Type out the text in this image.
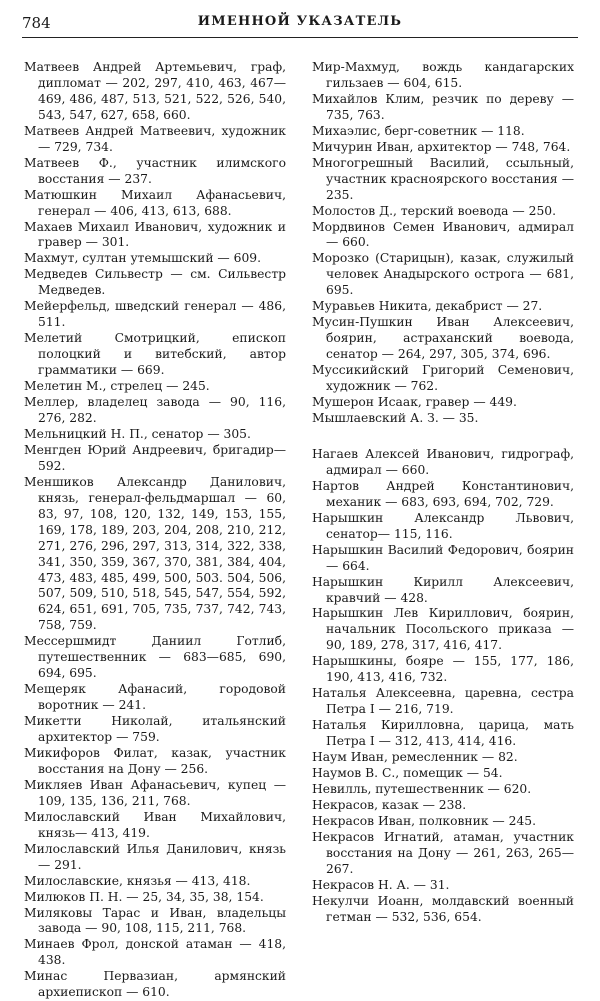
784	ИМЕННОЙ УКАЗАТЕЛЬ
Матвеев Андрей Артемьевич, граф, дипломат — 202, 297, 410, 463, 467—469, 486, 487, 513, 521, 522, 526, 540, 543, 547, 627, 658, 660.
Матвеев Андрей Матвеевич, художник — 729, 734.
Матвеев Ф., участник илимского восстания — 237.
Матюшкин Михаил Афанасьевич, генерал — 406, 413, 613, 688.
Махаев Михаил Иванович, художник и гравер — 301.
Махмут, султан утемышский — 609.
Медведев Сильвестр — см. Сильвестр Медведев.
Мейерфельд, шведский генерал — 486, 511.
Мелетий Смотрицкий, епископ полоцкий и витебский, автор грамматики — 669.
Мелетин М., стрелец — 245.
Меллер, владелец завода — 90, 116, 276, 282.
Мельницкий Н. П., сенатор — 305.
Менгден Юрий Андреевич, бригадир—592.
Меншиков Александр Данилович, князь, генерал-фельдмаршал — 60, 83, 97, 108, 120, 132, 149, 153, 155, 169, 178, 189, 203, 204, 208, 210, 212, 271, 276, 296, 297, 313, 314, 322, 338, 341, 350, 359, 367, 370, 381, 384, 404, 473, 483, 485, 499, 500, 503. 504, 506, 507, 509, 510, 518, 545, 547, 554, 592, 624, 651, 691, 705, 735, 737, 742, 743, 758, 759.
Мессершмидт Даниил Готлиб, путешественник — 683—685, 690, 694, 695.
Мещеряк Афанасий, городовой воротник — 241.
Микетти Николай, итальянский архитектор — 759.
Микифоров Филат, казак, участник восстания на Дону — 256.
Микляев Иван Афанасьевич, купец — 109, 135, 136, 211, 768.
Милославский Иван Михайлович, князь— 413, 419.
Милославский Илья Данилович, князь— 291.
Милославские, князья — 413, 418.
Милюков П. Н. — 25, 34, 35, 38, 154.
Миляковы Тарас и Иван, владельцы завода — 90, 108, 115, 211, 768.
Минаев Фрол, донской атаман — 418, 438.
Минас Первазиан, армянский архиепископ — 610.
Мир-Махмуд, вождь кандагарских гильзаев — 604, 615.
Михайлов Клим, резчик по дереву — 735, 763.
Михаэлис, берг-советник — 118.
Мичурин Иван, архитектор — 748, 764.
Многогрешный Василий, ссыльный, участник красноярского восстания — 235.
Молостов Д., терский воевода — 250.
Мордвинов Семен Иванович, адмирал — 660.
Морозко (Старицын), казак, служилый человек Анадырского острога — 681, 695.
Муравьев Никита, декабрист — 27.
Мусин-Пушкин Иван Алексеевич, боярин, астраханский воевода, сенатор — 264, 297, 305, 374, 696.
Муссикийский Григорий Семенович, художник — 762.
Мушерон Исаак, гравер — 449.
Мышлаевский А. З. — 35.
Нагаев Алексей Иванович, гидрограф, адмирал — 660.
Нартов Андрей Константинович, механик — 683, 693, 694, 702, 729.
Нарышкин Александр Львович, сенатор— 115, 116.
Нарышкин Василий Федорович, боярин— 664.
Нарышкин Кирилл Алексеевич, кравчий — 428.
Нарышкин Лев Кириллович, боярин, начальник Посольского приказа — 90, 189, 278, 317, 416, 417.
Нарышкины, бояре — 155, 177, 186, 190, 413, 416, 732.
Наталья Алексеевна, царевна, сестра Петра I — 216, 719.
Наталья Кирилловна, царица, мать Петра I — 312, 413, 414, 416.
Наум Иван, ремесленник — 82.
Наумов В. С., помещик — 54.
Невилль, путешественник — 620.
Некрасов, казак — 238.
Некрасов Иван, полковник — 245.
Некрасов Игнатий, атаман, участник восстания на Дону — 261, 263, 265—267.
Некрасов Н. А. — 31.
Некулчи Иоанн, молдавский военный гетман — 532, 536, 654.
